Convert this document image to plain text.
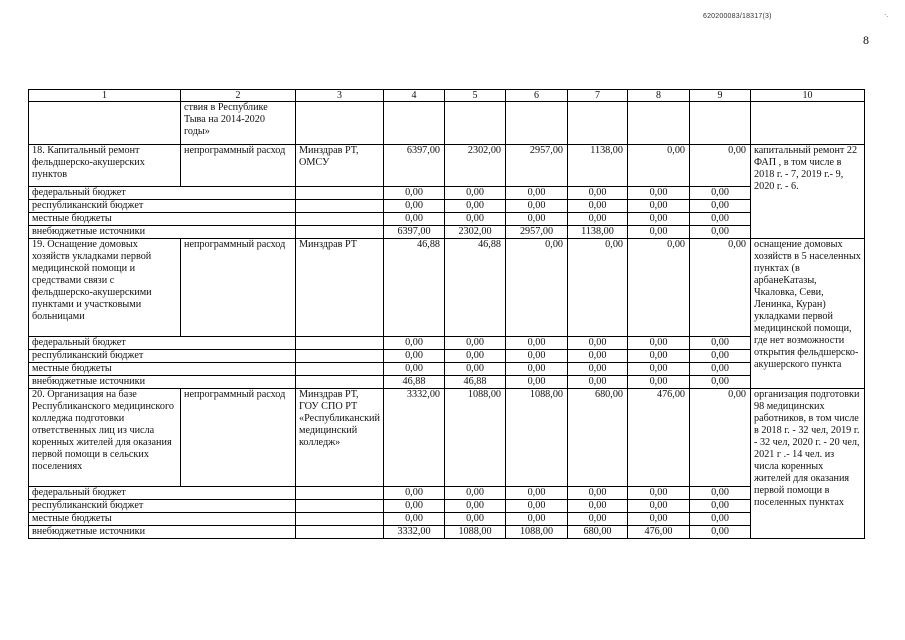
620200083/18317(3)	·.
8
1	2	3	4	5	6	7	8	9	10
	ствия в Республике Тыва на 2014-2020 годы»								
18. Капитальный ремонт фельдшерско-акушерских пунктов	непрограммный расход	Минздрав РТ, ОМСУ	6397,00	2302,00	2957,00	1138,00	0,00	0,00	капитальный ремонт 22 ФАП , в том числе в 2018 г. - 7, 2019 г.- 9, 2020 г. - 6.
федеральный бюджет			0,00	0,00	0,00	0,00	0,00	0,00	
республиканский бюджет			0,00	0,00	0,00	0,00	0,00	0,00	
местные бюджеты			0,00	0,00	0,00	0,00	0,00	0,00	
внебюджетные источники			6397,00	2302,00	2957,00	1138,00	0,00	0,00	
19. Оснащение домовых хозяйств укладками первой медицинской помощи и средствами связи с фельдшерско-акушерскими пунктами и участковыми больницами	непрограммный расход	Минздрав РТ	46,88	46,88	0,00	0,00	0,00	0,00	оснащение домовых хозяйств в 5 населенных пунктах (в арбанеКатазы, Чкаловка, Севи, Ленинка, Куран) укладками первой медицинской помощи, где нет возможности открытия фельдшерско-акушерского пункта
федеральный бюджет			0,00	0,00	0,00	0,00	0,00	0,00	
республиканский бюджет			0,00	0,00	0,00	0,00	0,00	0,00	
местные бюджеты			0,00	0,00	0,00	0,00	0,00	0,00	
внебюджетные источники			46,88	46,88	0,00	0,00	0,00	0,00	
20. Организация на базе Республиканского медицинского колледжа подготовки ответственных лиц из числа коренных жителей для оказания первой помощи в сельских поселениях	непрограммный расход	Минздрав РТ, ГОУ СПО РТ «Республиканский медицинский колледж»	3332,00	1088,00	1088,00	680,00	476,00	0,00	организация подготовки 98 медицинских работников, в том числе в 2018 г. - 32 чел, 2019 г. - 32 чел, 2020 г. - 20 чел, 2021 г .- 14 чел. из числа коренных жителей для оказания первой помощи в поселенных пунктах
федеральный бюджет			0,00	0,00	0,00	0,00	0,00	0,00	
республиканский бюджет			0,00	0,00	0,00	0,00	0,00	0,00	
местные бюджеты			0,00	0,00	0,00	0,00	0,00	0,00	
внебюджетные источники			3332,00	1088,00	1088,00	680,00	476,00	0,00	
